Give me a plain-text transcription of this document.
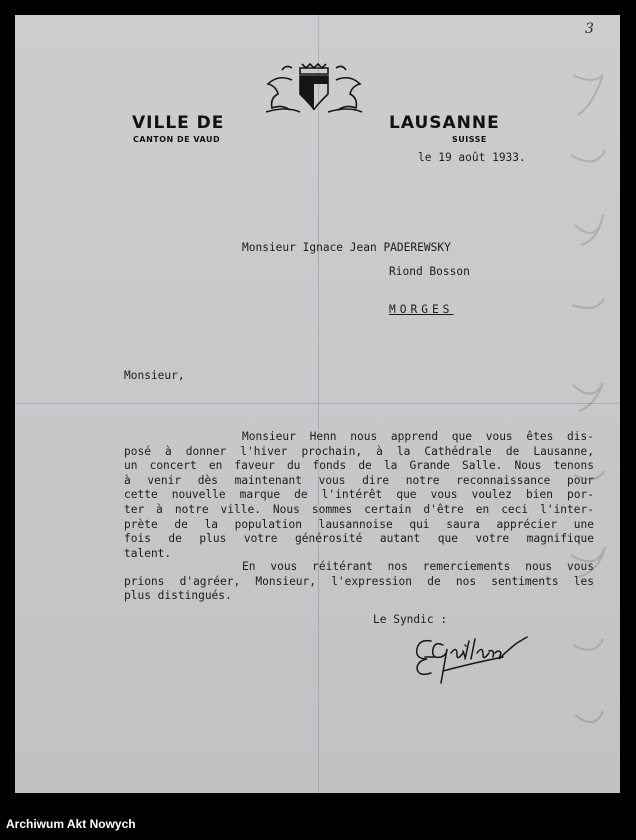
3
VILLE DE
CANTON DE VAUD
LAUSANNE
SUISSE
le 19 août 1933.
Monsieur Ignace Jean PADEREWSKY
Riond Bosson
MORGES
Monsieur,
Monsieur Henn nous apprend que vous êtes dis-
posé à donner l'hiver prochain, à la Cathédrale de Lausanne,
un concert en faveur du fonds de la Grande Salle. Nous tenons
à venir dès maintenant vous dire notre reconnaissance pour
cette nouvelle marque de l'intérêt que vous voulez bien por-
ter à notre ville. Nous sommes certain d'être en ceci l'inter-
prète de la population lausannoise qui saura apprécier une
fois de plus votre générosité autant que votre magnifique
talent.
En vous réitérant nos remerciements nous vous
prions d'agréer, Monsieur, l'expression de nos sentiments les
plus distingués.
Le Syndic :
Archiwum Akt Nowych
